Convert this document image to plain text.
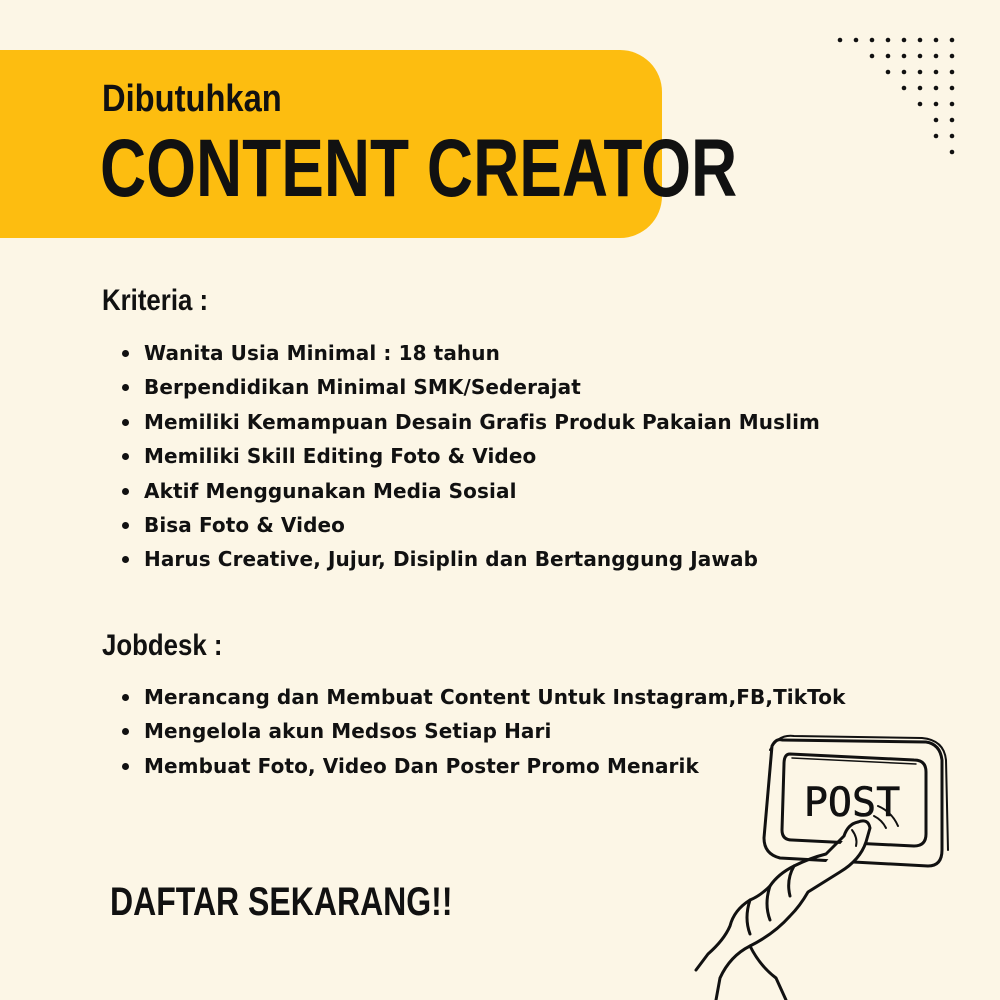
Dibutuhkan
CONTENT CREATOR
Kriteria :
Wanita Usia Minimal : 18 tahun
Berpendidikan Minimal SMK/Sederajat
Memiliki Kemampuan Desain Grafis Produk Pakaian Muslim
Memiliki Skill Editing Foto & Video
Aktif Menggunakan Media Sosial
Bisa Foto & Video
Harus Creative, Jujur, Disiplin dan Bertanggung Jawab
Jobdesk :
Merancang dan Membuat Content Untuk Instagram,FB,TikTok
Mengelola akun Medsos Setiap Hari
Membuat Foto, Video Dan Poster Promo Menarik
DAFTAR SEKARANG!!
POST
